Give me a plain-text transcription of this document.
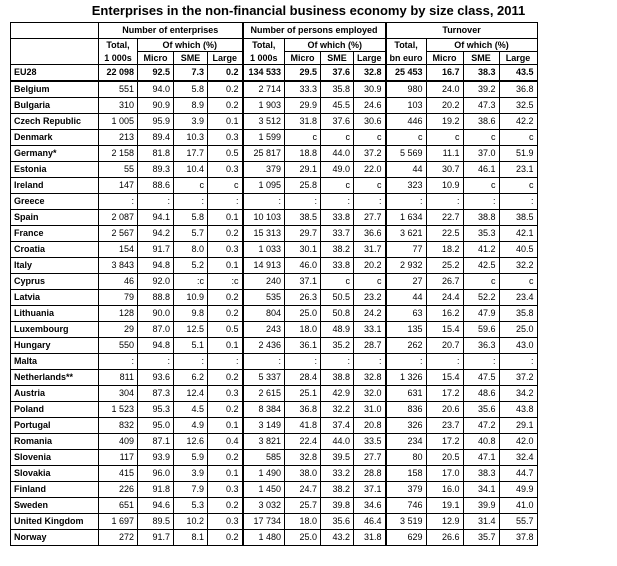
Enterprises in the non-financial business economy by size class, 2011
	Number of enterprises				Number of persons employed				Turnover			
	Total,	Of which (%)			Total,	Of which (%)			Total,	Of which (%)		
	1 000s	Micro	SME	Large	1 000s	Micro	SME	Large	bn euro	Micro	SME	Large
EU28	22 098	92.5	7.3	0.2	134 533	29.5	37.6	32.8	25 453	16.7	38.3	43.5
Belgium	551	94.0	5.8	0.2	2 714	33.3	35.8	30.9	980	24.0	39.2	36.8
Bulgaria	310	90.9	8.9	0.2	1 903	29.9	45.5	24.6	103	20.2	47.3	32.5
Czech Republic	1 005	95.9	3.9	0.1	3 512	31.8	37.6	30.6	446	19.2	38.6	42.2
Denmark	213	89.4	10.3	0.3	1 599	c	c	c	c	c	c	c
Germany*	2 158	81.8	17.7	0.5	25 817	18.8	44.0	37.2	5 569	11.1	37.0	51.9
Estonia	55	89.3	10.4	0.3	379	29.1	49.0	22.0	44	30.7	46.1	23.1
Ireland	147	88.6	c	c	1 095	25.8	c	c	323	10.9	c	c
Greece	:	:	:	:	:	:	:	:	:	:	:	:
Spain	2 087	94.1	5.8	0.1	10 103	38.5	33.8	27.7	1 634	22.7	38.8	38.5
France	2 567	94.2	5.7	0.2	15 313	29.7	33.7	36.6	3 621	22.5	35.3	42.1
Croatia	154	91.7	8.0	0.3	1 033	30.1	38.2	31.7	77	18.2	41.2	40.5
Italy	3 843	94.8	5.2	0.1	14 913	46.0	33.8	20.2	2 932	25.2	42.5	32.2
Cyprus	46	92.0	:c	:c	240	37.1	c	c	27	26.7	c	c
Latvia	79	88.8	10.9	0.2	535	26.3	50.5	23.2	44	24.4	52.2	23.4
Lithuania	128	90.0	9.8	0.2	804	25.0	50.8	24.2	63	16.2	47.9	35.8
Luxembourg	29	87.0	12.5	0.5	243	18.0	48.9	33.1	135	15.4	59.6	25.0
Hungary	550	94.8	5.1	0.1	2 436	36.1	35.2	28.7	262	20.7	36.3	43.0
Malta	:	:	:	:	:	:	:	:	:	:	:	:
Netherlands**	811	93.6	6.2	0.2	5 337	28.4	38.8	32.8	1 326	15.4	47.5	37.2
Austria	304	87.3	12.4	0.3	2 615	25.1	42.9	32.0	631	17.2	48.6	34.2
Poland	1 523	95.3	4.5	0.2	8 384	36.8	32.2	31.0	836	20.6	35.6	43.8
Portugal	832	95.0	4.9	0.1	3 149	41.8	37.4	20.8	326	23.7	47.2	29.1
Romania	409	87.1	12.6	0.4	3 821	22.4	44.0	33.5	234	17.2	40.8	42.0
Slovenia	117	93.9	5.9	0.2	585	32.8	39.5	27.7	80	20.5	47.1	32.4
Slovakia	415	96.0	3.9	0.1	1 490	38.0	33.2	28.8	158	17.0	38.3	44.7
Finland	226	91.8	7.9	0.3	1 450	24.7	38.2	37.1	379	16.0	34.1	49.9
Sweden	651	94.6	5.3	0.2	3 032	25.7	39.8	34.6	746	19.1	39.9	41.0
United Kingdom	1 697	89.5	10.2	0.3	17 734	18.0	35.6	46.4	3 519	12.9	31.4	55.7
Norway	272	91.7	8.1	0.2	1 480	25.0	43.2	31.8	629	26.6	35.7	37.8
